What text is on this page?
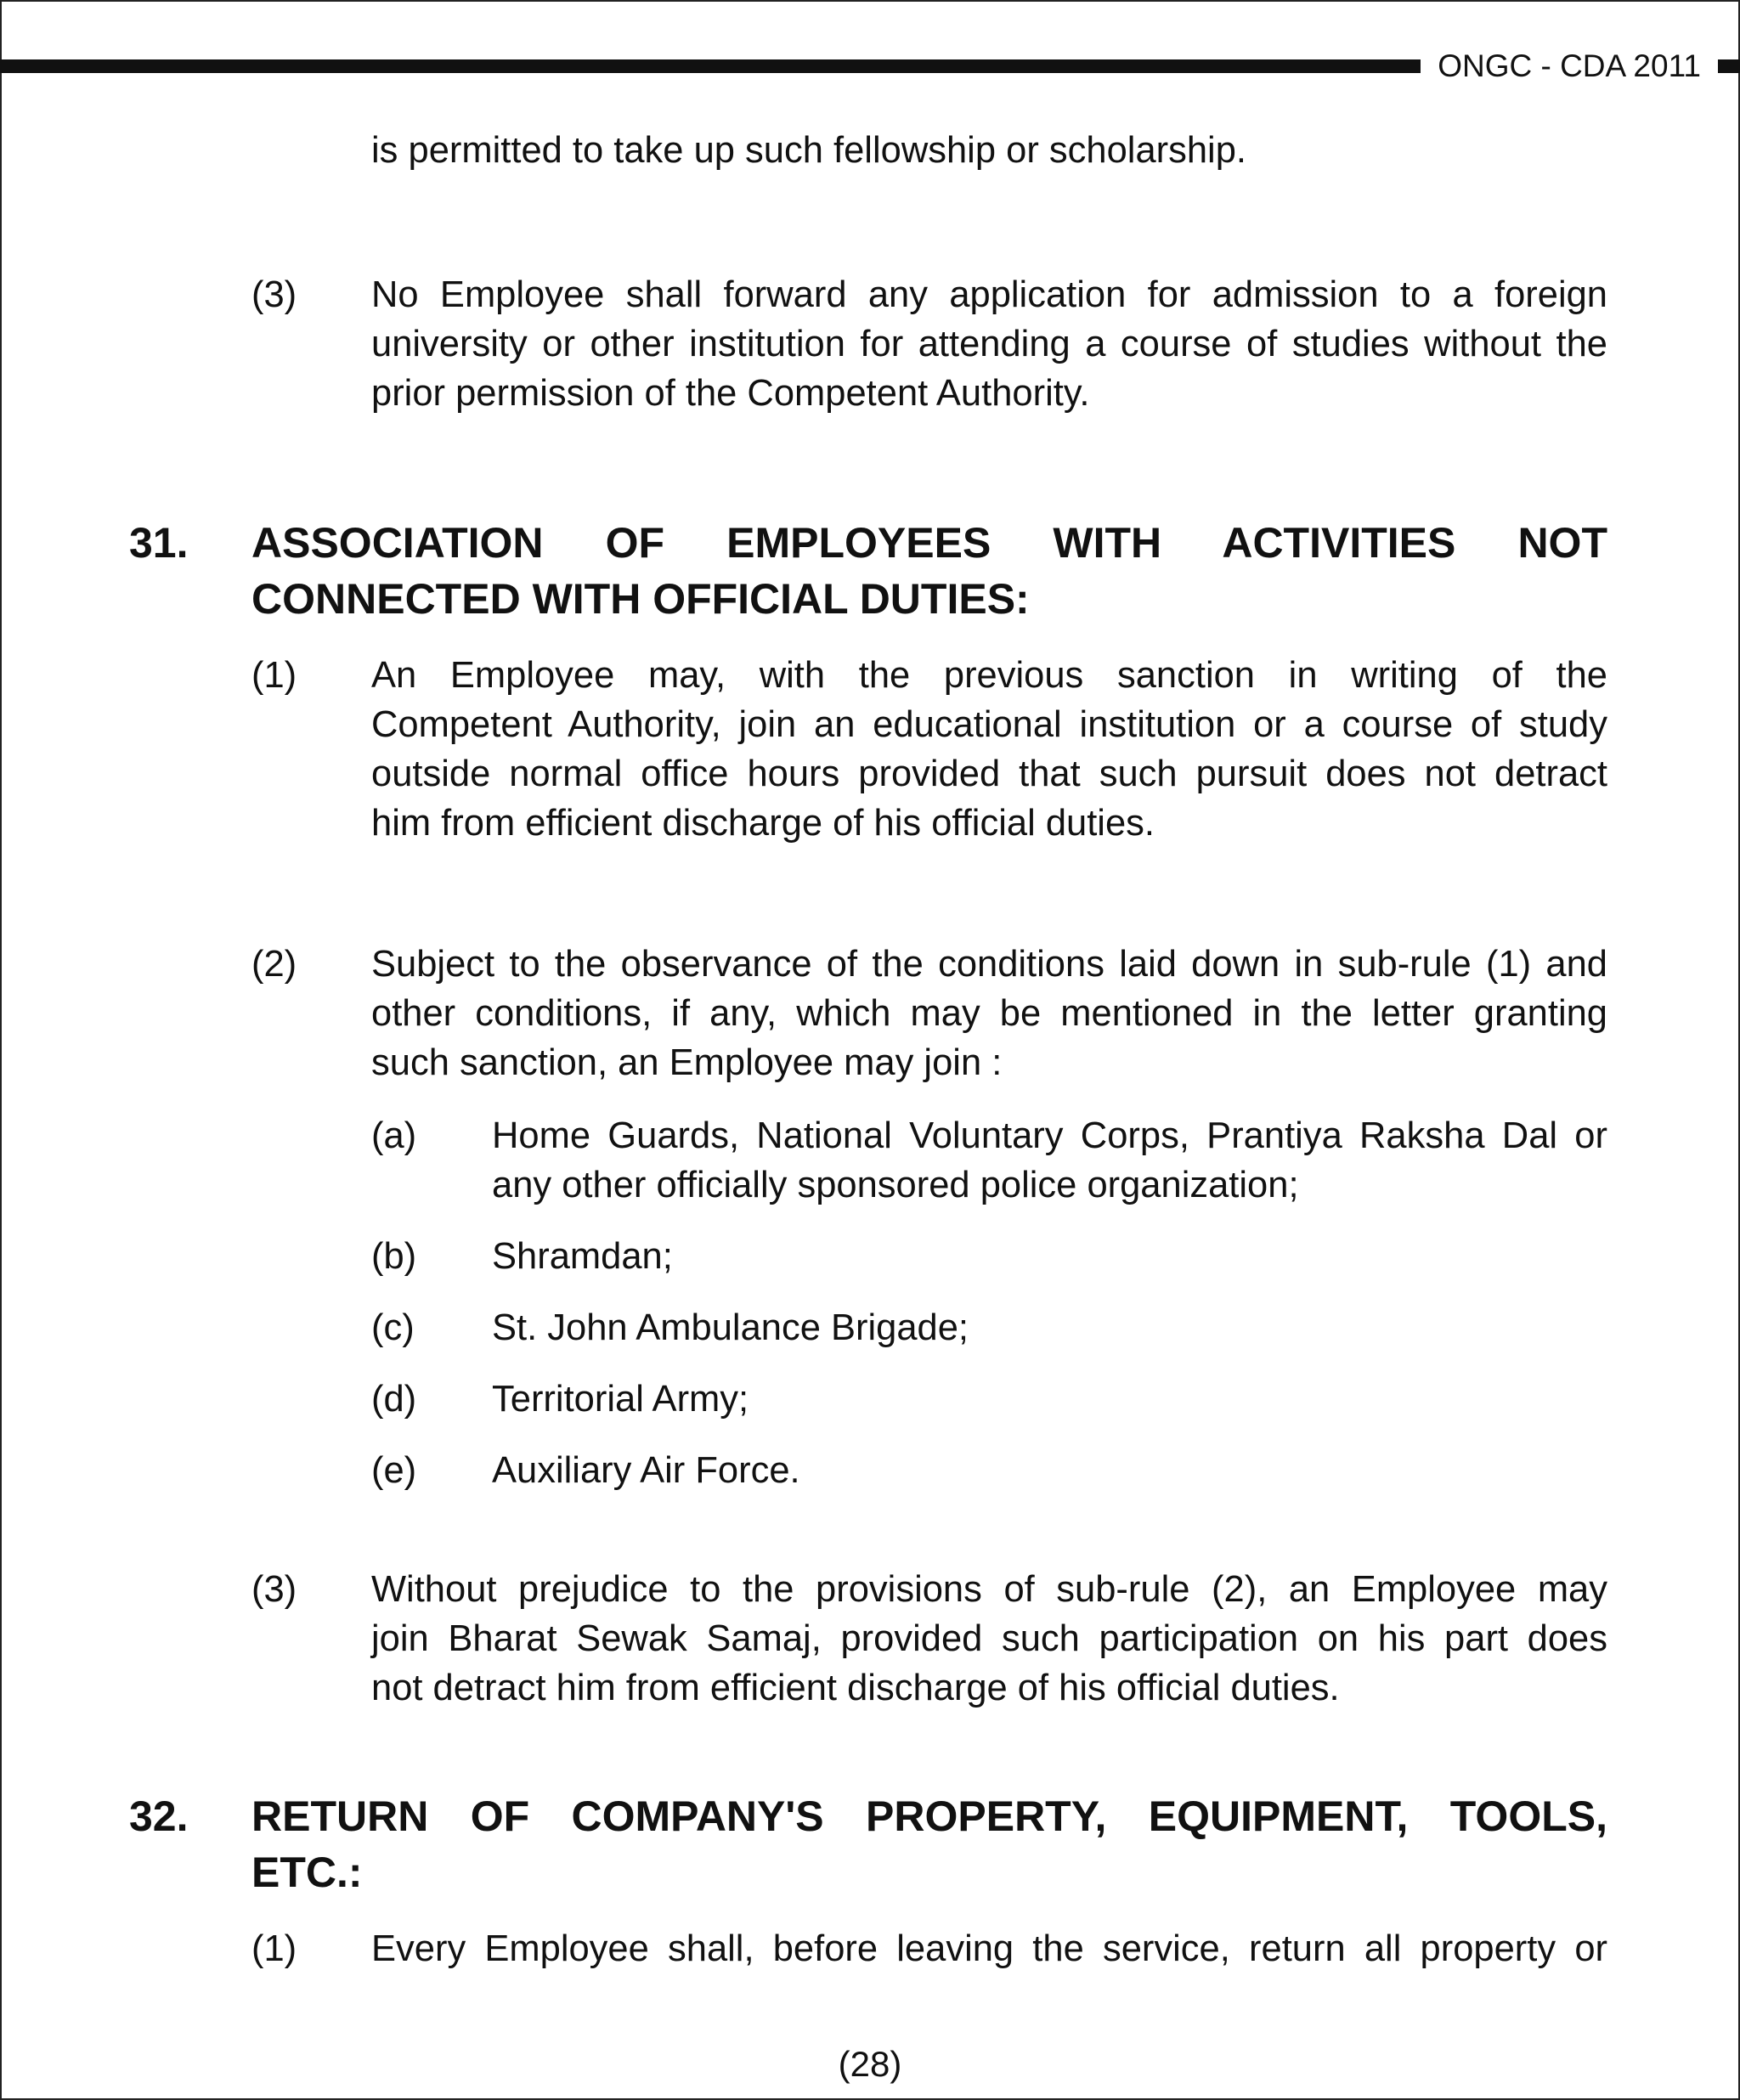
ONGC - CDA 2011
is permitted to take up such fellowship or scholarship.
(3) No Employee shall forward any application for admission to a foreign
university or other institution for attending a course of studies without the
prior permission of the Competent Authority.
31. ASSOCIATION OF EMPLOYEES WITH ACTIVITIES NOT
CONNECTED WITH OFFICIAL DUTIES:
(1) An Employee may, with the previous sanction in writing of the
Competent Authority, join an educational institution or a course of study
outside normal office hours provided that such pursuit does not detract
him from efficient discharge of his official duties.
(2) Subject to the observance of the conditions laid down in sub-rule (1) and
other conditions, if any, which may be mentioned in the letter granting
such sanction, an Employee may join :
(a) Home Guards, National Voluntary Corps, Prantiya Raksha Dal or
any other officially sponsored police organization;
(b) Shramdan;
(c) St. John Ambulance Brigade;
(d) Territorial Army;
(e) Auxiliary Air Force.
(3) Without prejudice to the provisions of sub-rule (2), an Employee may
join Bharat Sewak Samaj, provided such participation on his part does
not detract him from efficient discharge of his official duties.
32. RETURN OF COMPANY'S PROPERTY, EQUIPMENT, TOOLS,
ETC.:
(1) Every Employee shall, before leaving the service, return all property or
(28)
